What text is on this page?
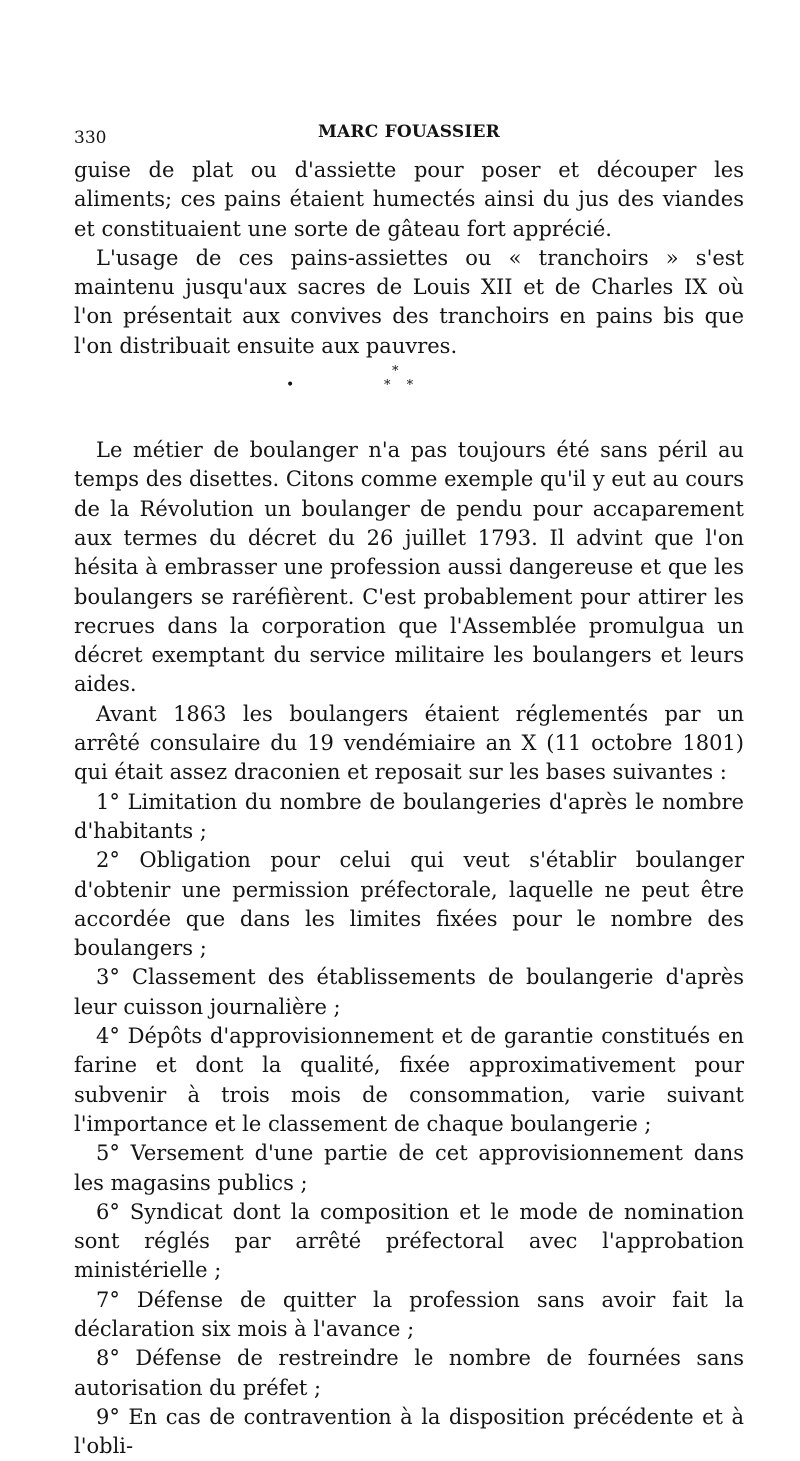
330	MARC FOUASSIER

guise de plat ou d'assiette pour poser et découper les aliments; ces pains étaient humectés ainsi du jus des viandes et constituaient une sorte de gâteau fort apprécié.

L'usage de ces pains-assiettes ou « tranchoirs » s'est maintenu jusqu'aux sacres de Louis XII et de Charles IX où l'on présentait aux convives des tranchoirs en pains bis que l'on distribuait ensuite aux pauvres.

*
•	* *

Le métier de boulanger n'a pas toujours été sans péril au temps des disettes. Citons comme exemple qu'il y eut au cours de la Révolution un boulanger de pendu pour accaparement aux termes du décret du 26 juillet 1793. Il advint que l'on hésita à embrasser une profession aussi dangereuse et que les boulangers se raréfièrent. C'est probablement pour attirer les recrues dans la corporation que l'Assemblée promulgua un décret exemptant du service militaire les boulangers et leurs aides.

Avant 1863 les boulangers étaient réglementés par un arrêté consulaire du 19 vendémiaire an X (11 octobre 1801) qui était assez draconien et reposait sur les bases suivantes :

1° Limitation du nombre de boulangeries d'après le nombre d'habitants ;

2° Obligation pour celui qui veut s'établir boulanger d'obtenir une permission préfectorale, laquelle ne peut être accordée que dans les limites fixées pour le nombre des boulangers ;

3° Classement des établissements de boulangerie d'après leur cuisson journalière ;

4° Dépôts d'approvisionnement et de garantie constitués en farine et dont la qualité, fixée approximativement pour subvenir à trois mois de consommation, varie suivant l'importance et le classement de chaque boulangerie ;

5° Versement d'une partie de cet approvisionnement dans les magasins publics ;

6° Syndicat dont la composition et le mode de nomination sont réglés par arrêté préfectoral avec l'approbation ministérielle ;

7° Défense de quitter la profession sans avoir fait la déclaration six mois à l'avance ;

8° Défense de restreindre le nombre de fournées sans autorisation du préfet ;

9° En cas de contravention à la disposition précédente et à l'obli-
